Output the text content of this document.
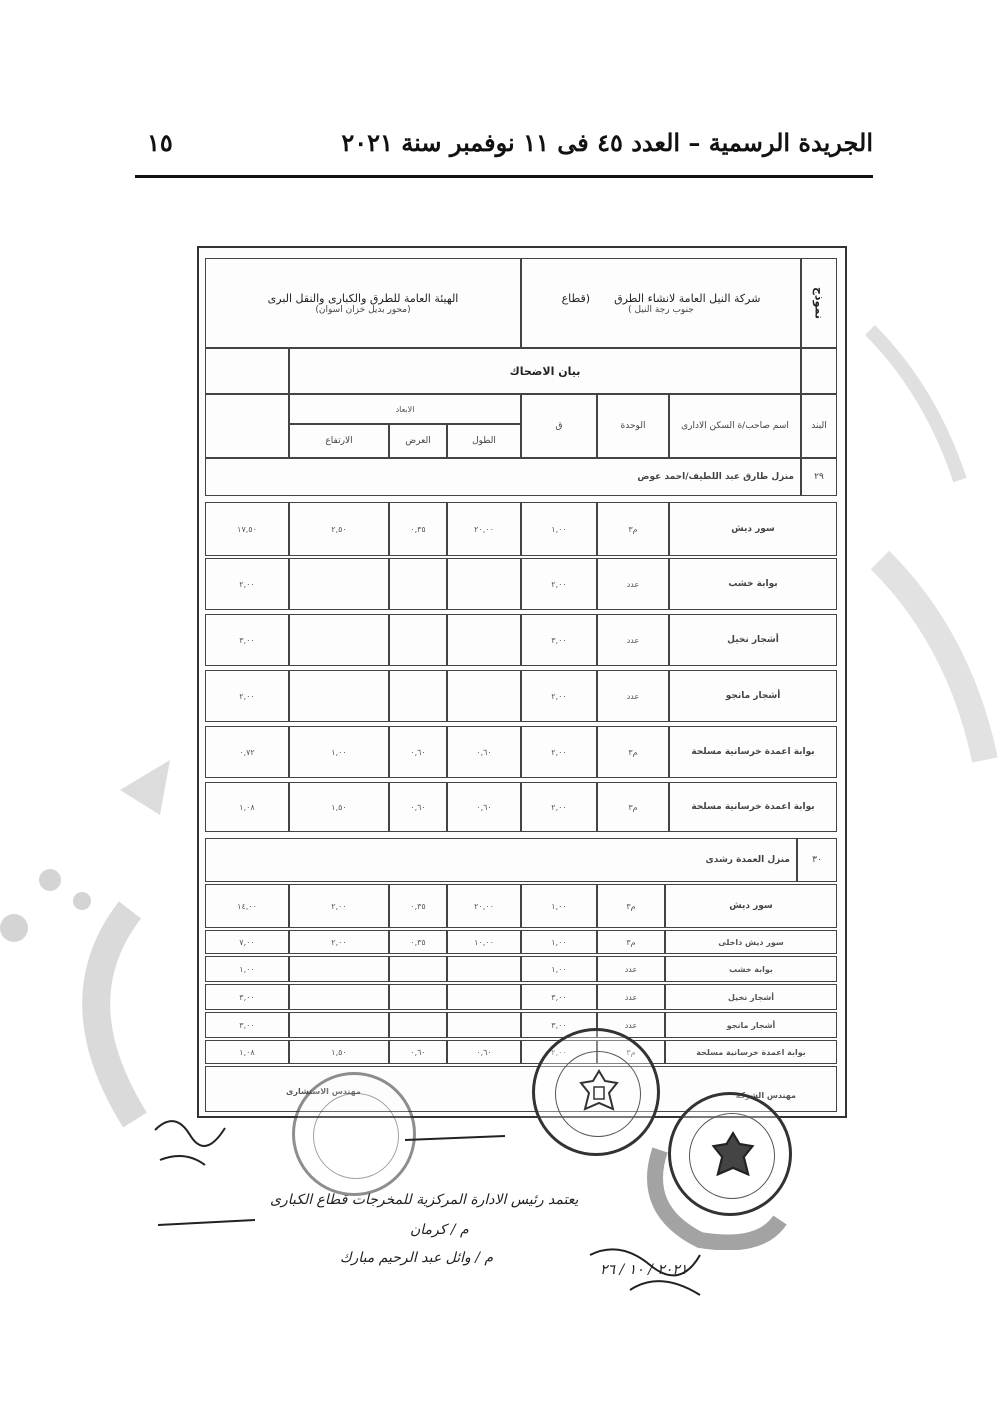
الجريدة الرسمية – العدد ٤٥ فى ١١ نوفمبر سنة ٢٠٢١
١٥
نموذج
شركة النيل العامة لانشاء الطرق
(قطاع
جنوب رجة النيل )
الهيئة العامة للطرق والكبارى والنقل البرى
(محور بديل خزان اسوان)
بيان الاضحاك
البند
اسم صاحب/ة السكن الادارى
الوحدة
ق
الابعاد
الطول
العرض
الارتفاع
٢٩
منزل طارق عبد اللطيف/احمد عوض
سور ديش
م٣
١,٠٠
٢٠,٠٠
٠,٣٥
٢,٥٠
١٧,٥٠
بوابة خشب
عدد
٢,٠٠
٢,٠٠
أشجار نخيل
عدد
٣,٠٠
٣,٠٠
أشجار مانجو
عدد
٢,٠٠
٢,٠٠
بوابة اعمدة خرسانية مسلحة
م٣
٢,٠٠
٠,٦٠
٠,٦٠
١,٠٠
٠,٧٢
بوابة اعمدة خرسانية مسلحة
م٣
٢,٠٠
٠,٦٠
٠,٦٠
١,٥٠
١,٠٨
٣٠
منزل العمدة رشدى
سور ديش
م٣
١,٠٠
٢٠,٠٠
٠,٣٥
٢,٠٠
١٤,٠٠
سور ديش داخلى
م٣
١,٠٠
١٠,٠٠
٠,٣٥
٢,٠٠
٧,٠٠
بوابة خشب
عدد
١,٠٠
١,٠٠
أشجار نخيل
عدد
٣,٠٠
٣,٠٠
أشجار مانجو
عدد
٣,٠٠
٣,٠٠
بوابة اعمدة خرسانية مسلحة
م٣
٢,٠٠
٠,٦٠
٠,٦٠
١,٥٠
١,٠٨
مهندس الاستشارى	مهندس الشركة
يعتمد رئيس الادارة المركزية للمخرجات قطاع الكبارى
م / كرمان
م / وائل عبد الرحيم مبارك
٢٠٢١ / ١٠ / ٢٦
